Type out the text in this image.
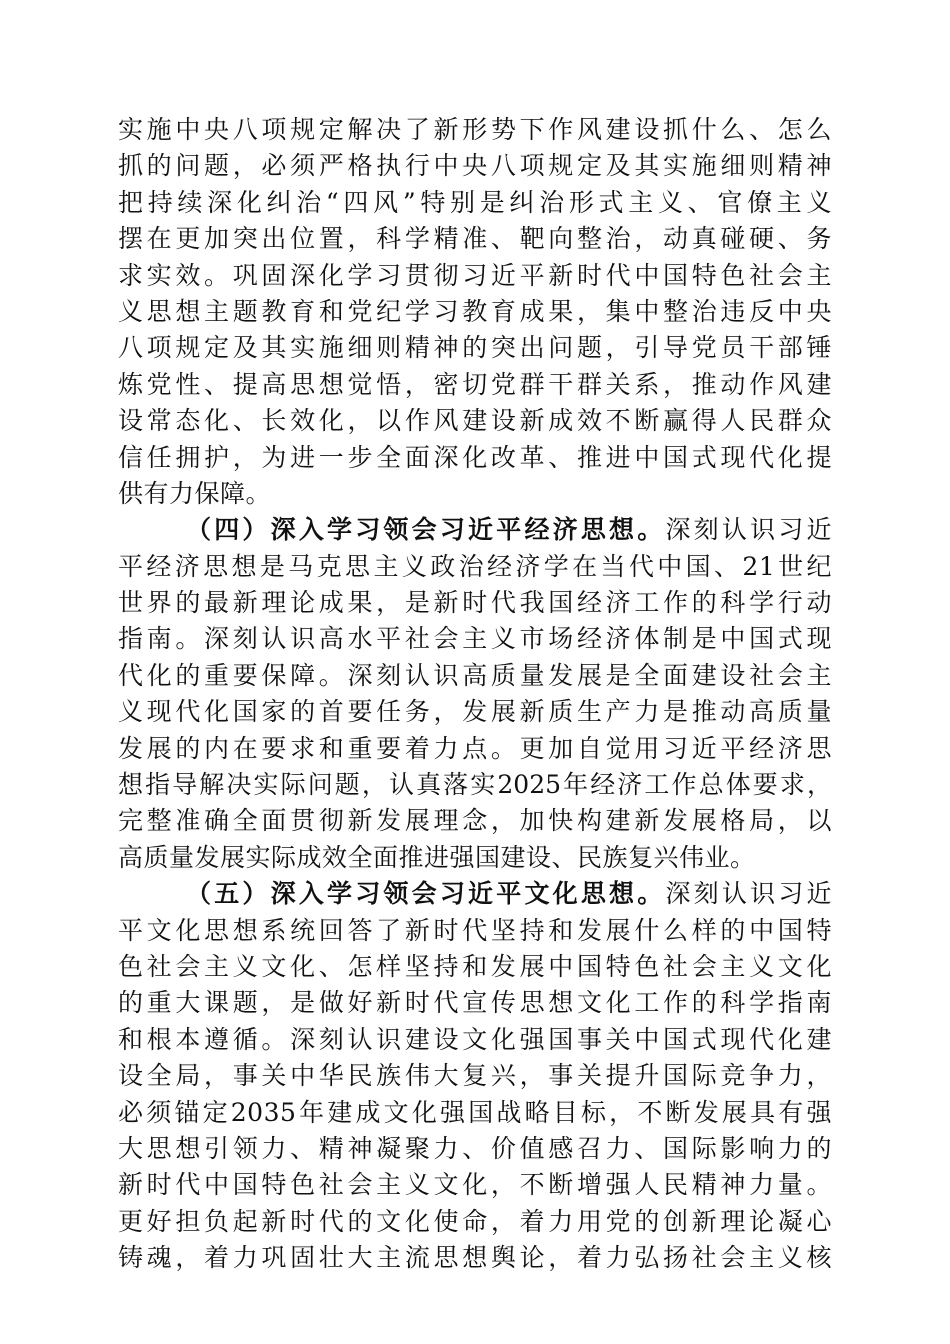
实施中央八项规定解决了新形势下作风建设抓什么、怎么
抓的问题，必须严格执行中央八项规定及其实施细则精神
把持续深化纠治“四风”特别是纠治形式主义、官僚主义
摆在更加突出位置，科学精准、靶向整治，动真碰硬、务
求实效。巩固深化学习贯彻习近平新时代中国特色社会主
义思想主题教育和党纪学习教育成果，集中整治违反中央
八项规定及其实施细则精神的突出问题，引导党员干部锤
炼党性、提高思想觉悟，密切党群干群关系，推动作风建
设常态化、长效化，以作风建设新成效不断赢得人民群众
信任拥护，为进一步全面深化改革、推进中国式现代化提
供有力保障。
（四）深入学习领会习近平经济思想。深刻认识习近
平经济思想是马克思主义政治经济学在当代中国、21世纪
世界的最新理论成果，是新时代我国经济工作的科学行动
指南。深刻认识高水平社会主义市场经济体制是中国式现
代化的重要保障。深刻认识高质量发展是全面建设社会主
义现代化国家的首要任务，发展新质生产力是推动高质量
发展的内在要求和重要着力点。更加自觉用习近平经济思
想指导解决实际问题，认真落实2025年经济工作总体要求，
完整准确全面贯彻新发展理念，加快构建新发展格局，以
高质量发展实际成效全面推进强国建设、民族复兴伟业。
（五）深入学习领会习近平文化思想。深刻认识习近
平文化思想系统回答了新时代坚持和发展什么样的中国特
色社会主义文化、怎样坚持和发展中国特色社会主义文化
的重大课题，是做好新时代宣传思想文化工作的科学指南
和根本遵循。深刻认识建设文化强国事关中国式现代化建
设全局，事关中华民族伟大复兴，事关提升国际竞争力，
必须锚定2035年建成文化强国战略目标，不断发展具有强
大思想引领力、精神凝聚力、价值感召力、国际影响力的
新时代中国特色社会主义文化，不断增强人民精神力量。
更好担负起新时代的文化使命，着力用党的创新理论凝心
铸魂，着力巩固壮大主流思想舆论，着力弘扬社会主义核
